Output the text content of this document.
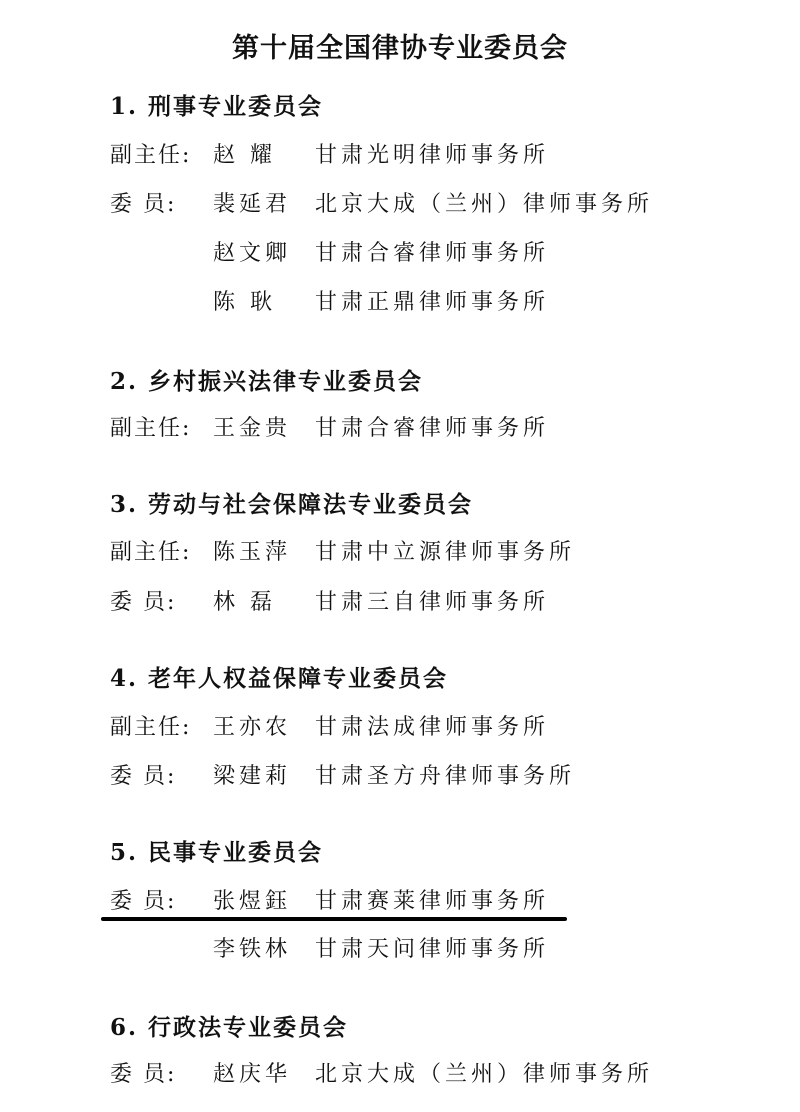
第十届全国律协专业委员会
1. 刑事专业委员会
副主任: 赵 耀 甘肃光明律师事务所
委 员: 裴延君 北京大成（兰州）律师事务所
赵文卿 甘肃合睿律师事务所
陈 耿 甘肃正鼎律师事务所
2. 乡村振兴法律专业委员会
副主任: 王金贵 甘肃合睿律师事务所
3. 劳动与社会保障法专业委员会
副主任: 陈玉萍 甘肃中立源律师事务所
委 员: 林 磊 甘肃三自律师事务所
4. 老年人权益保障专业委员会
副主任: 王亦农 甘肃法成律师事务所
委 员: 梁建莉 甘肃圣方舟律师事务所
5. 民事专业委员会
委 员: 张煜鈺 甘肃赛莱律师事务所
李铁林 甘肃天问律师事务所
6. 行政法专业委员会
委 员: 赵庆华 北京大成（兰州）律师事务所
